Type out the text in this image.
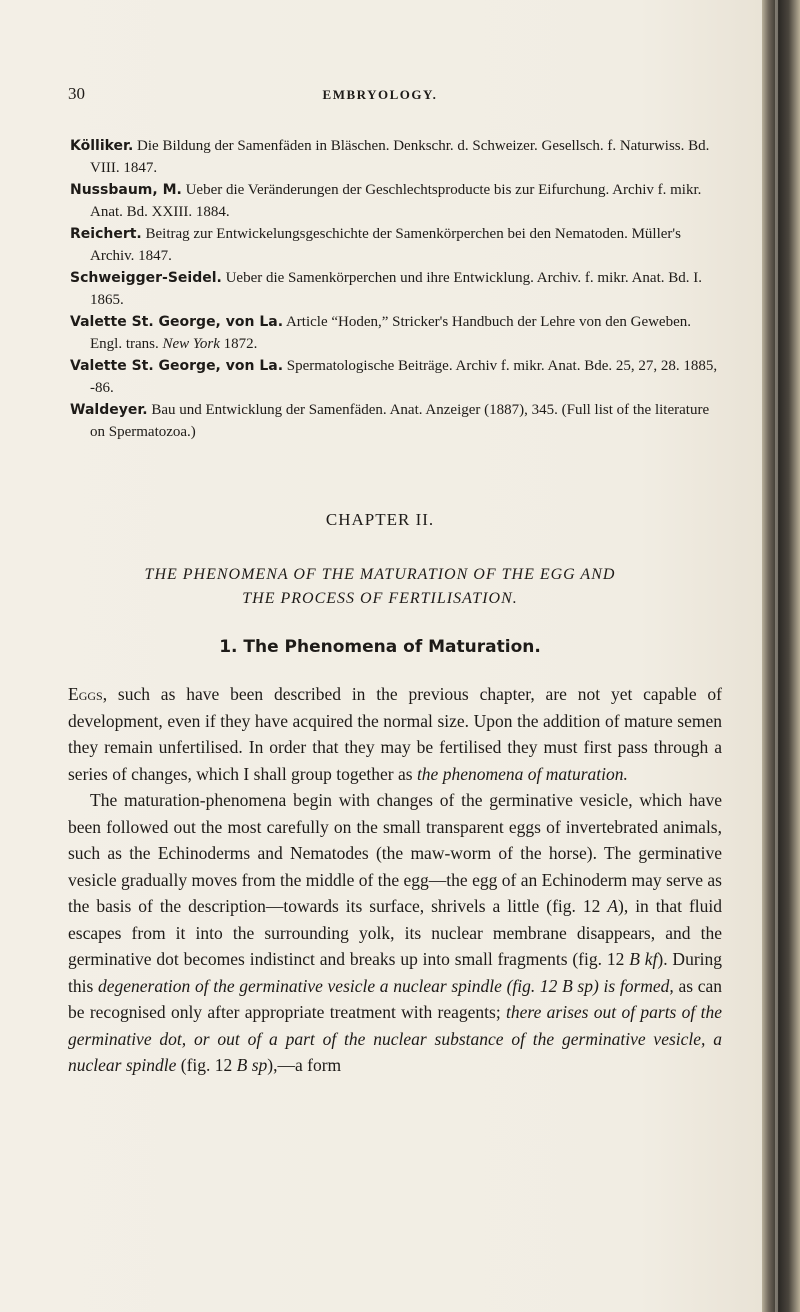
30	EMBRYOLOGY.

Kölliker. Die Bildung der Samenfäden in Bläschen. Denkschr. d. Schweizer. Gesellsch. f. Naturwiss. Bd. VIII. 1847.

Nussbaum, M. Ueber die Veränderungen der Geschlechtsproducte bis zur Eifurchung. Archiv f. mikr. Anat. Bd. XXIII. 1884.

Reichert. Beitrag zur Entwickelungsgeschichte der Samenkörperchen bei den Nematoden. Müller's Archiv. 1847.

Schweigger-Seidel. Ueber die Samenkörperchen und ihre Entwicklung. Archiv. f. mikr. Anat. Bd. I. 1865.

Valette St. George, von La. Article “Hoden,” Stricker's Handbuch der Lehre von den Geweben. Engl. trans. New York 1872.

Valette St. George, von La. Spermatologische Beiträge. Archiv f. mikr. Anat. Bde. 25, 27, 28. 1885, -86.

Waldeyer. Bau und Entwicklung der Samenfäden. Anat. Anzeiger (1887), 345. (Full list of the literature on Spermatozoa.)

CHAPTER II.
THE PHENOMENA OF THE MATURATION OF THE EGG AND
THE PROCESS OF FERTILISATION.
1. The Phenomena of Maturation.

Eggs, such as have been described in the previous chapter, are not yet capable of development, even if they have acquired the normal size. Upon the addition of mature semen they remain unfertilised. In order that they may be fertilised they must first pass through a series of changes, which I shall group together as the phenomena of maturation.

The maturation-phenomena begin with changes of the germinative vesicle, which have been followed out the most carefully on the small transparent eggs of invertebrated animals, such as the Echinoderms and Nematodes (the maw-worm of the horse). The germinative vesicle gradually moves from the middle of the egg—the egg of an Echinoderm may serve as the basis of the description—towards its surface, shrivels a little (fig. 12 A), in that fluid escapes from it into the surrounding yolk, its nuclear membrane disappears, and the germinative dot becomes indistinct and breaks up into small fragments (fig. 12 B kf). During this degeneration of the germinative vesicle a nuclear spindle (fig. 12 B sp) is formed, as can be recognised only after appropriate treatment with reagents; there arises out of parts of the germinative dot, or out of a part of the nuclear substance of the germinative vesicle, a nuclear spindle (fig. 12 B sp),—a form
